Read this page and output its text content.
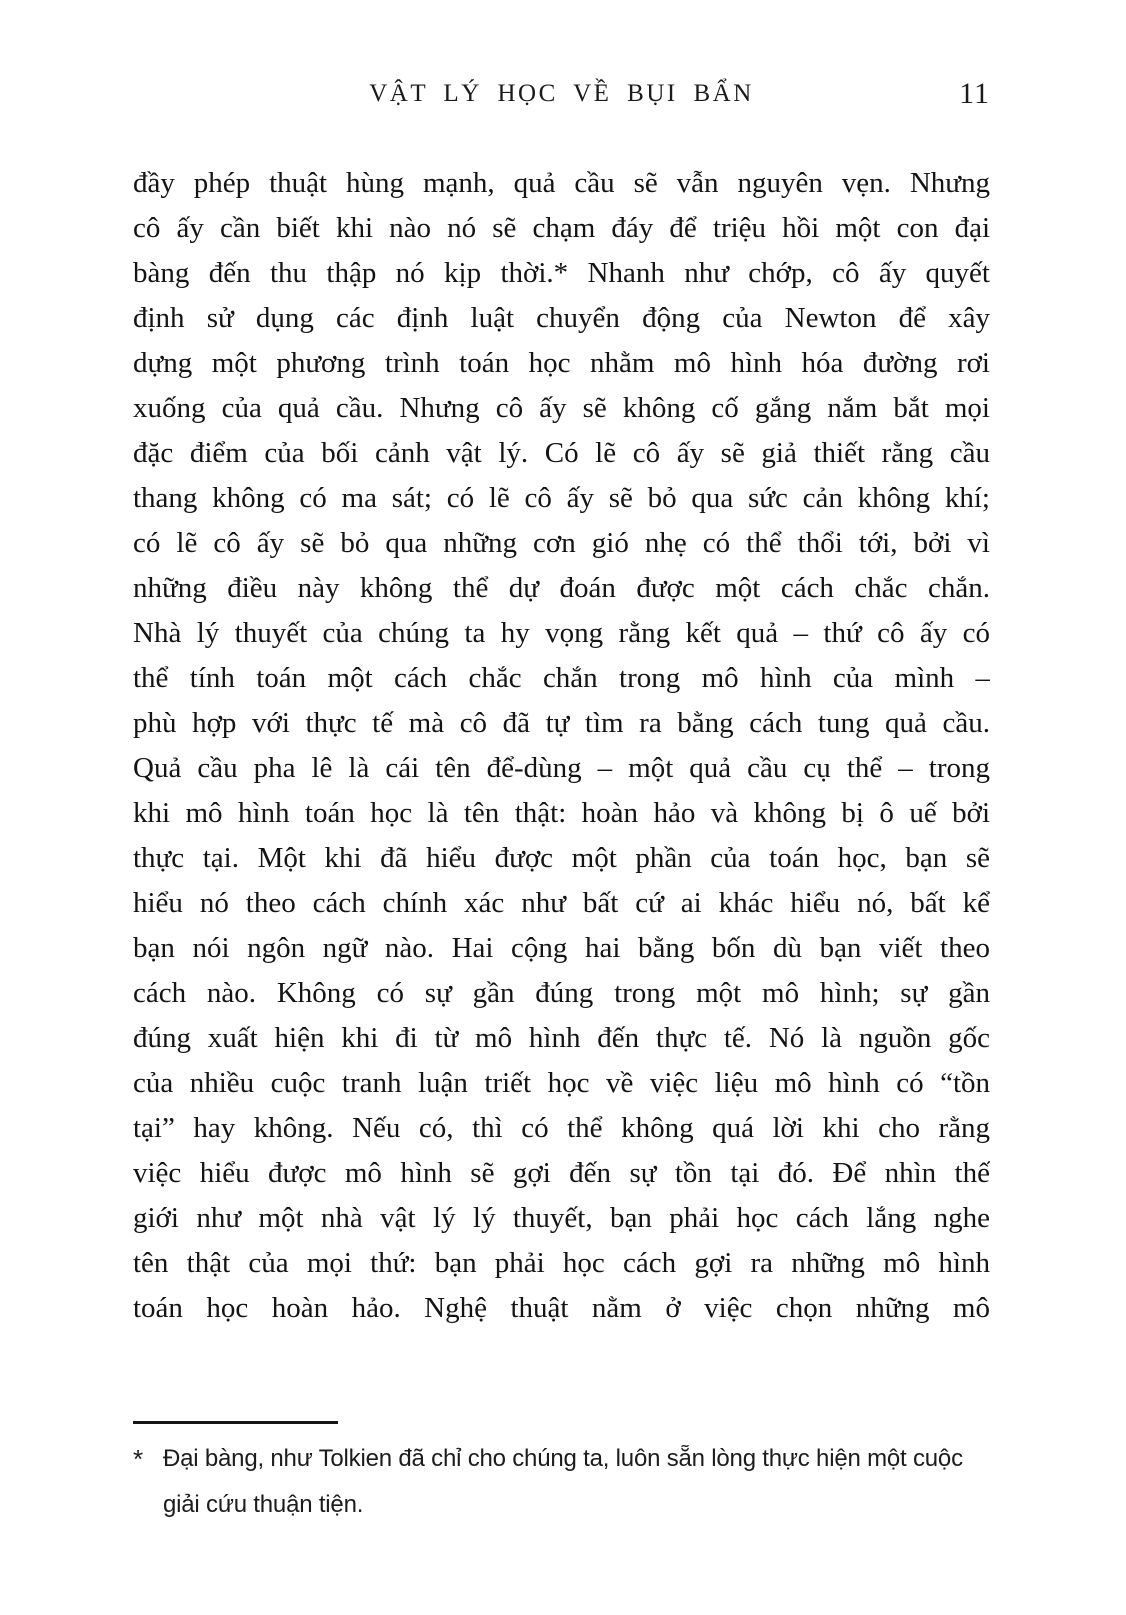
VẬT LÝ HỌC VỀ BỤI BẨN	11
đầy phép thuật hùng mạnh, quả cầu sẽ vẫn nguyên vẹn. Nhưng
cô ấy cần biết khi nào nó sẽ chạm đáy để triệu hồi một con đại
bàng đến thu thập nó kịp thời.* Nhanh như chớp, cô ấy quyết
định sử dụng các định luật chuyển động của Newton để xây
dựng một phương trình toán học nhằm mô hình hóa đường rơi
xuống của quả cầu. Nhưng cô ấy sẽ không cố gắng nắm bắt mọi
đặc điểm của bối cảnh vật lý. Có lẽ cô ấy sẽ giả thiết rằng cầu
thang không có ma sát; có lẽ cô ấy sẽ bỏ qua sức cản không khí;
có lẽ cô ấy sẽ bỏ qua những cơn gió nhẹ có thể thổi tới, bởi vì
những điều này không thể dự đoán được một cách chắc chắn.
Nhà lý thuyết của chúng ta hy vọng rằng kết quả – thứ cô ấy có
thể tính toán một cách chắc chắn trong mô hình của mình –
phù hợp với thực tế mà cô đã tự tìm ra bằng cách tung quả cầu.
Quả cầu pha lê là cái tên để-dùng – một quả cầu cụ thể – trong
khi mô hình toán học là tên thật: hoàn hảo và không bị ô uế bởi
thực tại. Một khi đã hiểu được một phần của toán học, bạn sẽ
hiểu nó theo cách chính xác như bất cứ ai khác hiểu nó, bất kể
bạn nói ngôn ngữ nào. Hai cộng hai bằng bốn dù bạn viết theo
cách nào. Không có sự gần đúng trong một mô hình; sự gần
đúng xuất hiện khi đi từ mô hình đến thực tế. Nó là nguồn gốc
của nhiều cuộc tranh luận triết học về việc liệu mô hình có “tồn
tại” hay không. Nếu có, thì có thể không quá lời khi cho rằng
việc hiểu được mô hình sẽ gợi đến sự tồn tại đó. Để nhìn thế
giới như một nhà vật lý lý thuyết, bạn phải học cách lắng nghe
tên thật của mọi thứ: bạn phải học cách gợi ra những mô hình
toán học hoàn hảo. Nghệ thuật nằm ở việc chọn những mô
* Đại bàng, như Tolkien đã chỉ cho chúng ta, luôn sẵn lòng thực hiện một cuộc
giải cứu thuận tiện.
